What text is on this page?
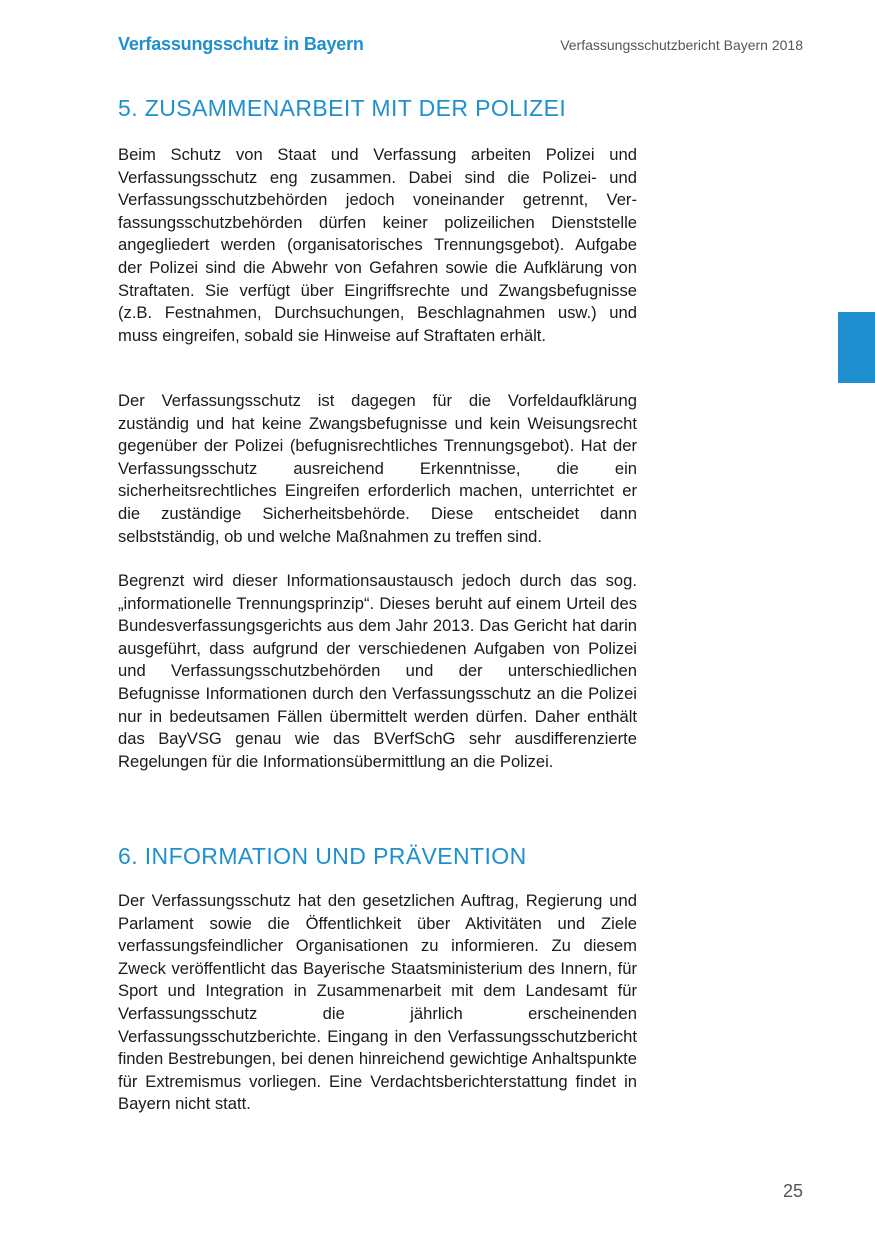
Verfassungsschutz in Bayern	Verfassungsschutzbericht Bayern 2018
5. ZUSAMMENARBEIT MIT DER POLIZEI

Beim Schutz von Staat und Verfassung arbeiten Polizei und Verfassungsschutz eng zusammen. Dabei sind die Polizei- und Verfassungsschutzbehörden jedoch voneinander getrennt, Verfassungsschutzbehörden dürfen keiner polizeilichen Dienststelle angegliedert werden (organisatorisches Trennungsgebot). Aufgabe der Polizei sind die Abwehr von Gefahren sowie die Aufklärung von Straftaten. Sie verfügt über Eingriffsrechte und Zwangsbefugnisse (z.B. Festnahmen, Durchsuchungen, Beschlagnahmen usw.) und muss eingreifen, sobald sie Hinweise auf Straftaten erhält.

Der Verfassungsschutz ist dagegen für die Vorfeldaufklärung zuständig und hat keine Zwangsbefugnisse und kein Weisungsrecht gegenüber der Polizei (befugnisrechtliches Trennungsgebot). Hat der Verfassungsschutz ausreichend Erkenntnisse, die ein sicherheitsrechtliches Eingreifen erforderlich machen, unterrichtet er die zuständige Sicherheitsbehörde. Diese entscheidet dann selbstständig, ob und welche Maßnahmen zu treffen sind.

Begrenzt wird dieser Informationsaustausch jedoch durch das sog. „informationelle Trennungsprinzip“. Dieses beruht auf einem Urteil des Bundesverfassungsgerichts aus dem Jahr 2013. Das Gericht hat darin ausgeführt, dass aufgrund der verschiedenen Aufgaben von Polizei und Verfassungsschutzbehörden und der unterschiedlichen Befugnisse Informationen durch den Verfassungsschutz an die Polizei nur in bedeutsamen Fällen übermittelt werden dürfen. Daher enthält das BayVSG genau wie das BVerfSchG sehr ausdifferenzierte Regelungen für die Informationsübermittlung an die Polizei.

6. INFORMATION UND PRÄVENTION

Der Verfassungsschutz hat den gesetzlichen Auftrag, Regierung und Parlament sowie die Öffentlichkeit über Aktivitäten und Ziele verfassungsfeindlicher Organisationen zu informieren. Zu diesem Zweck veröffentlicht das Bayerische Staatsministerium des Innern, für Sport und Integration in Zusammenarbeit mit dem Landesamt für Verfassungsschutz die jährlich erscheinenden Verfassungsschutzberichte. Eingang in den Verfassungsschutzbericht finden Bestrebungen, bei denen hinreichend gewichtige Anhaltspunkte für Extremismus vorliegen. Eine Verdachtsberichterstattung findet in Bayern nicht statt.

25
